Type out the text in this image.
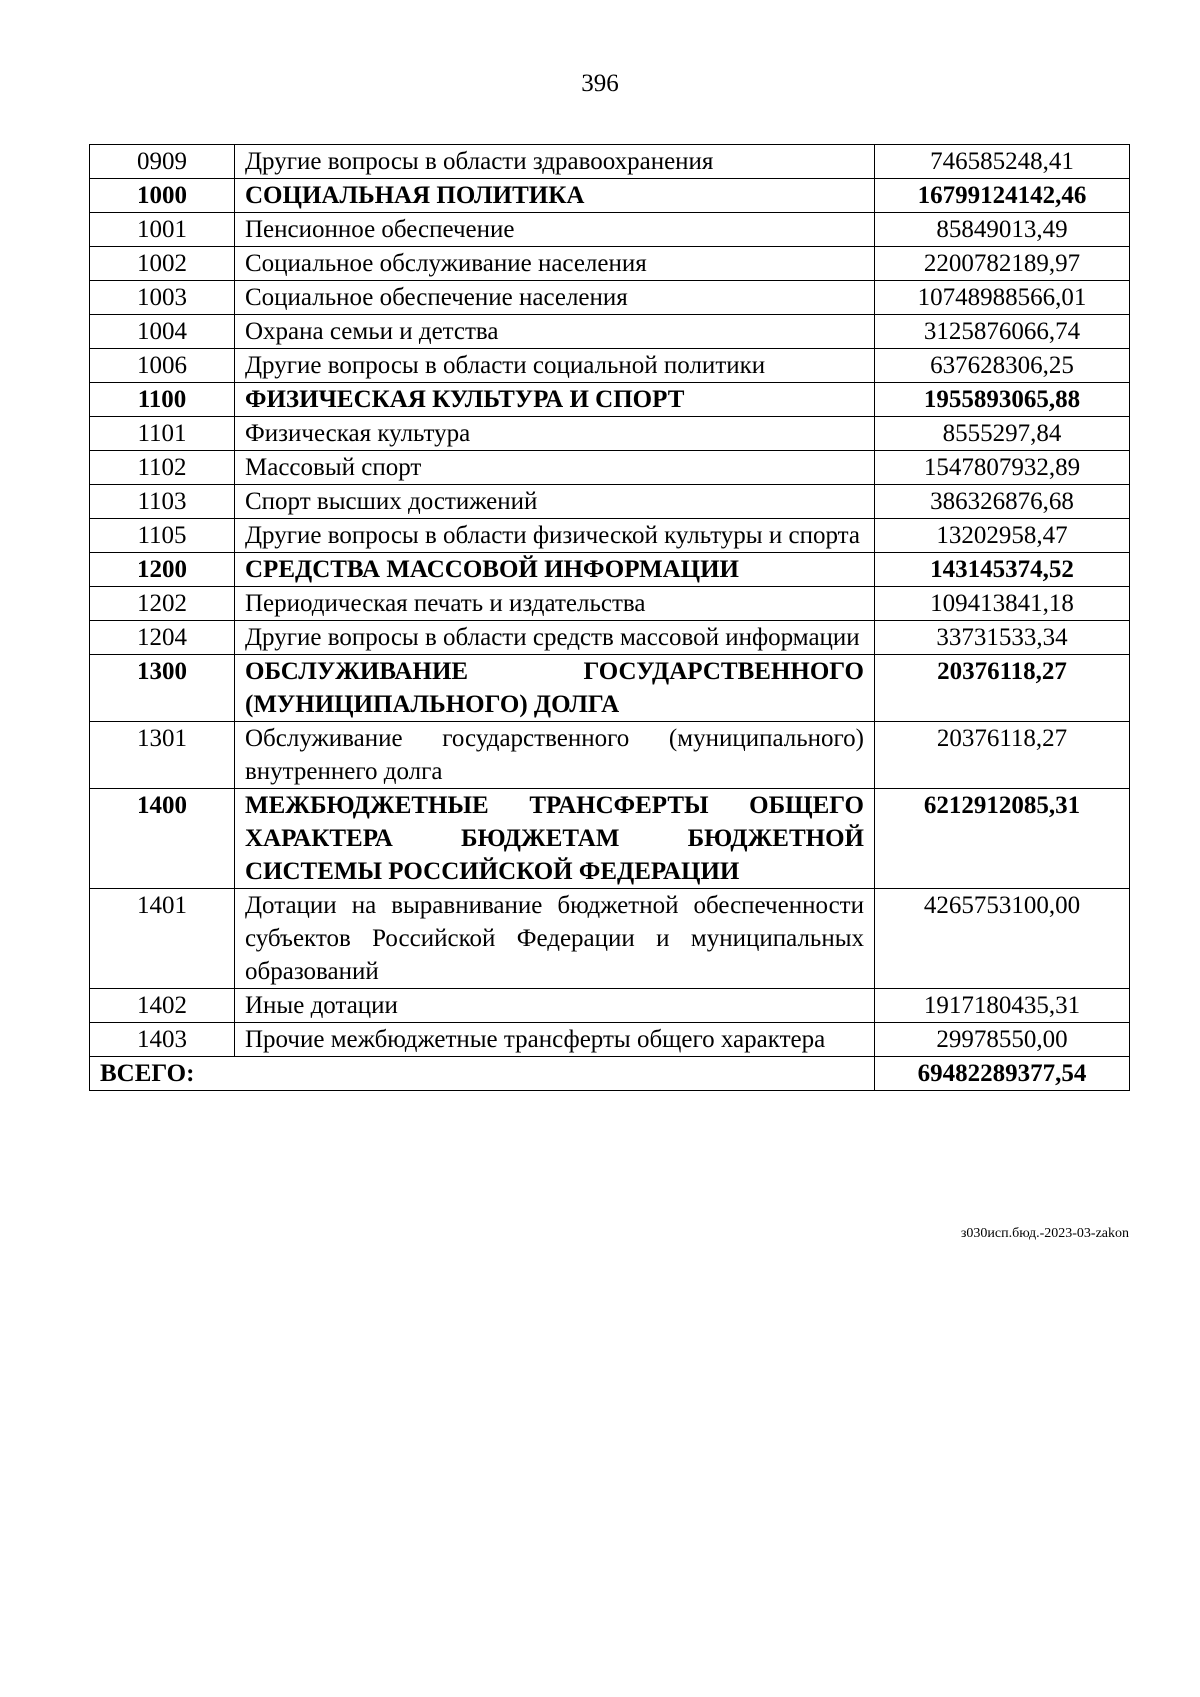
396
0909	Другие вопросы в области здравоохранения	746585248,41
1000	СОЦИАЛЬНАЯ ПОЛИТИКА	16799124142,46
1001	Пенсионное обеспечение	85849013,49
1002	Социальное обслуживание населения	2200782189,97
1003	Социальное обеспечение населения	10748988566,01
1004	Охрана семьи и детства	3125876066,74
1006	Другие вопросы в области социальной политики	637628306,25
1100	ФИЗИЧЕСКАЯ КУЛЬТУРА И СПОРТ	1955893065,88
1101	Физическая культура	8555297,84
1102	Массовый спорт	1547807932,89
1103	Спорт высших достижений	386326876,68
1105	Другие вопросы в области физической культуры и спорта	13202958,47
1200	СРЕДСТВА МАССОВОЙ ИНФОРМАЦИИ	143145374,52
1202	Периодическая печать и издательства	109413841,18
1204	Другие вопросы в области средств массовой информации	33731533,34
1300	ОБСЛУЖИВАНИЕ ГОСУДАРСТВЕННОГО (МУНИЦИПАЛЬНОГО) ДОЛГА	20376118,27
1301	Обслуживание государственного (муниципального) внутреннего долга	20376118,27
1400	МЕЖБЮДЖЕТНЫЕ ТРАНСФЕРТЫ ОБЩЕГО ХАРАКТЕРА БЮДЖЕТАМ БЮДЖЕТНОЙ СИСТЕМЫ РОССИЙСКОЙ ФЕДЕРАЦИИ	6212912085,31
1401	Дотации на выравнивание бюджетной обеспеченности субъектов Российской Федерации и муниципальных образований	4265753100,00
1402	Иные дотации	1917180435,31
1403	Прочие межбюджетные трансферты общего характера	29978550,00
ВСЕГО:		69482289377,54
з030исп.бюд.-2023-03-zakon
